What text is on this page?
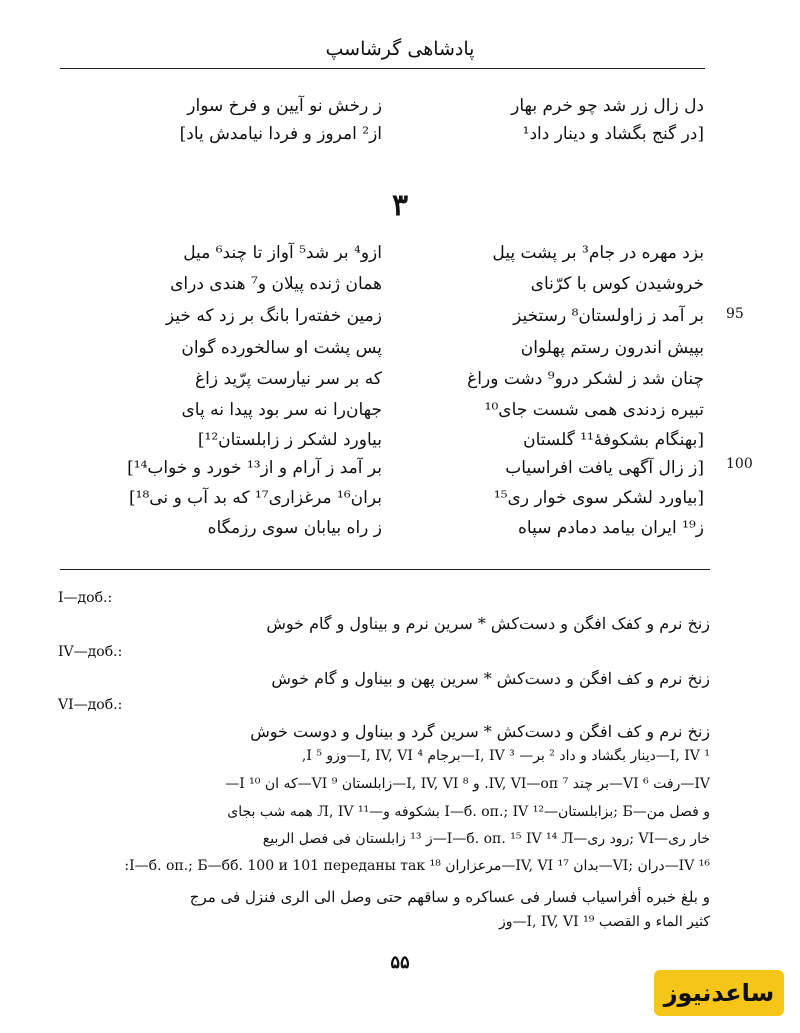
پادشاهی گرشاسپ
دل زال زر شد چو خرم بهار
ز رخش نو آیین و فرخ سوار
[در گنج بگشاد و دینار داد¹
از² امروز و فردا نیامدش یاد]
۳
بزد مهره در جام³ بر پشت پیل
ازو⁴ بر شد⁵ آواز تا چند⁶ میل
خروشیدن کوس با کرّنای
همان ژنده پیلان و⁷ هندی درای
95
بر آمد ز زاولستان⁸ رستخیز
زمین خفته‌را بانگ بر زد که خیز
بپیش اندرون رستم پهلوان
پس پشت او سالخورده گوان
چنان شد ز لشکر درو⁹ دشت وراغ
که بر سر نیارست پرّید زاغ
تبیره زدندی همی شست جای¹⁰
جهان‌را نه سر بود پیدا نه پای
[بهنگام بشکوفهٔ¹¹ گلستان
بیاورد لشکر ز زابلستان¹²]
100
[ز زال آگهی یافت افراسیاب
بر آمد ز آرام و از¹³ خورد و خواب¹⁴]
[بیاورد لشکر سوی خوار ری¹⁵
بران¹⁶ مرغزاری¹⁷ که بد آب و نی¹⁸]
ز¹⁹ ایران بیامد دمادم سپاه
ز راه بیابان سوی رزمگاه
I—доб.:
زنخ نرم و کفک افگن و دست‌کش * سرین نرم و بیناول و گام خوش
IV—доб.:
زنخ نرم و کف افگن و دست‌کش * سرین پهن و بیناول و گام خوش
VI—доб.:
زنخ نرم و کف افگن و دست‌کش * سرین گرد و بیناول و دوست خوش
¹ I, IV—دینار بگشاد و داد ² بر— ³ I, IV—برجام ⁴ I, IV, VI—وزو ⁵ I,
IV—رفت ⁶ VI—بر چند ⁷ IV, VI—оп. و ⁸ I, IV, VI—زابلستان ⁹ VI—که ان ¹⁰ I—
و فصل من—Б ;بزابلستان—I—б. оп.; IV ¹² بشکوفه و—Л, IV ¹¹ همه شب بجای
خار ری—VI ;رود ری—I—б. оп. ¹⁵ IV ¹⁴ Л—ز ¹³ زابلستان فی فصل الربیع
¹⁶ IV—دران ;VI—بدان ¹⁷ IV, VI—مرعزاران ¹⁸ I—б. оп.; Б—бб. 100 и 101 переданы так:
و بلغ خبره أفراسیاب فسار فی عساکره و ساقهم حتی وصل الی الری فنزل فی مرج
کثیر الماء و القصب ¹⁹ I, IV, VI—وز
۵۵
ساعدنیوز
